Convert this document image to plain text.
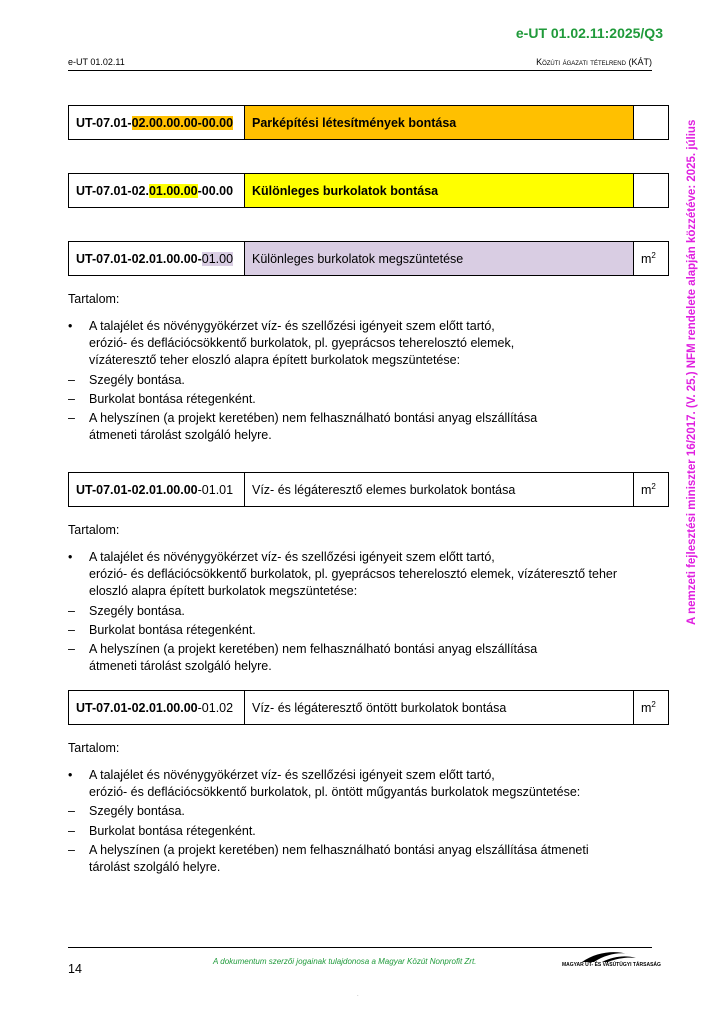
e-UT 01.02.11:2025/Q3
e-UT 01.02.11	Közúti ágazati tételrend (KÁT)
A nemzeti fejlesztési miniszter 16/2017. (V. 25.) NFM rendelete alapján közzétéve: 2025. július
UT-07.01-02.00.00.00-00.00	Parképítési létesítmények bontása	
UT-07.01-02.01.00.00-00.00	Különleges burkolatok bontása	
UT-07.01-02.01.00.00-01.00	Különleges burkolatok megszüntetése	$m^2$
Tartalom:
• A talajélet és növénygyökérzet víz- és szellőzési igényeit szem előtt tartó,
erózió- és deflációcsökkentő burkolatok, pl. gyeprácsos teherelosztó elemek,
vízáteresztő teher eloszló alapra épített burkolatok megszüntetése:
– Szegély bontása.
– Burkolat bontása rétegenként.
– A helyszínen (a projekt keretében) nem felhasználható bontási anyag elszállítása
átmeneti tárolást szolgáló helyre.
UT-07.01-02.01.00.00-01.01	Víz- és légáteresztő elemes burkolatok bontása	$m^2$
Tartalom:
• A talajélet és növénygyökérzet víz- és szellőzési igényeit szem előtt tartó,
erózió- és deflációcsökkentő burkolatok, pl. gyeprácsos teherelosztó elemek, vízáteresztő teher
eloszló alapra épített burkolatok megszüntetése:
– Szegély bontása.
– Burkolat bontása rétegenként.
– A helyszínen (a projekt keretében) nem felhasználható bontási anyag elszállítása
átmeneti tárolást szolgáló helyre.
UT-07.01-02.01.00.00-01.02	Víz- és légáteresztő öntött burkolatok bontása	$m^2$
Tartalom:
• A talajélet és növénygyökérzet víz- és szellőzési igényeit szem előtt tartó,
erózió- és deflációcsökkentő burkolatok, pl. öntött műgyantás burkolatok megszüntetése:
– Szegély bontása.
– Burkolat bontása rétegenként.
– A helyszínen (a projekt keretében) nem felhasználható bontási anyag elszállítása átmeneti
tárolást szolgáló helyre.
14
A dokumentum szerzői jogainak tulajdonosa a Magyar Közút Nonprofit Zrt.	MAGYAR ÚT- ÉS VASÚTÜGYI TÁRSASÁG
.
